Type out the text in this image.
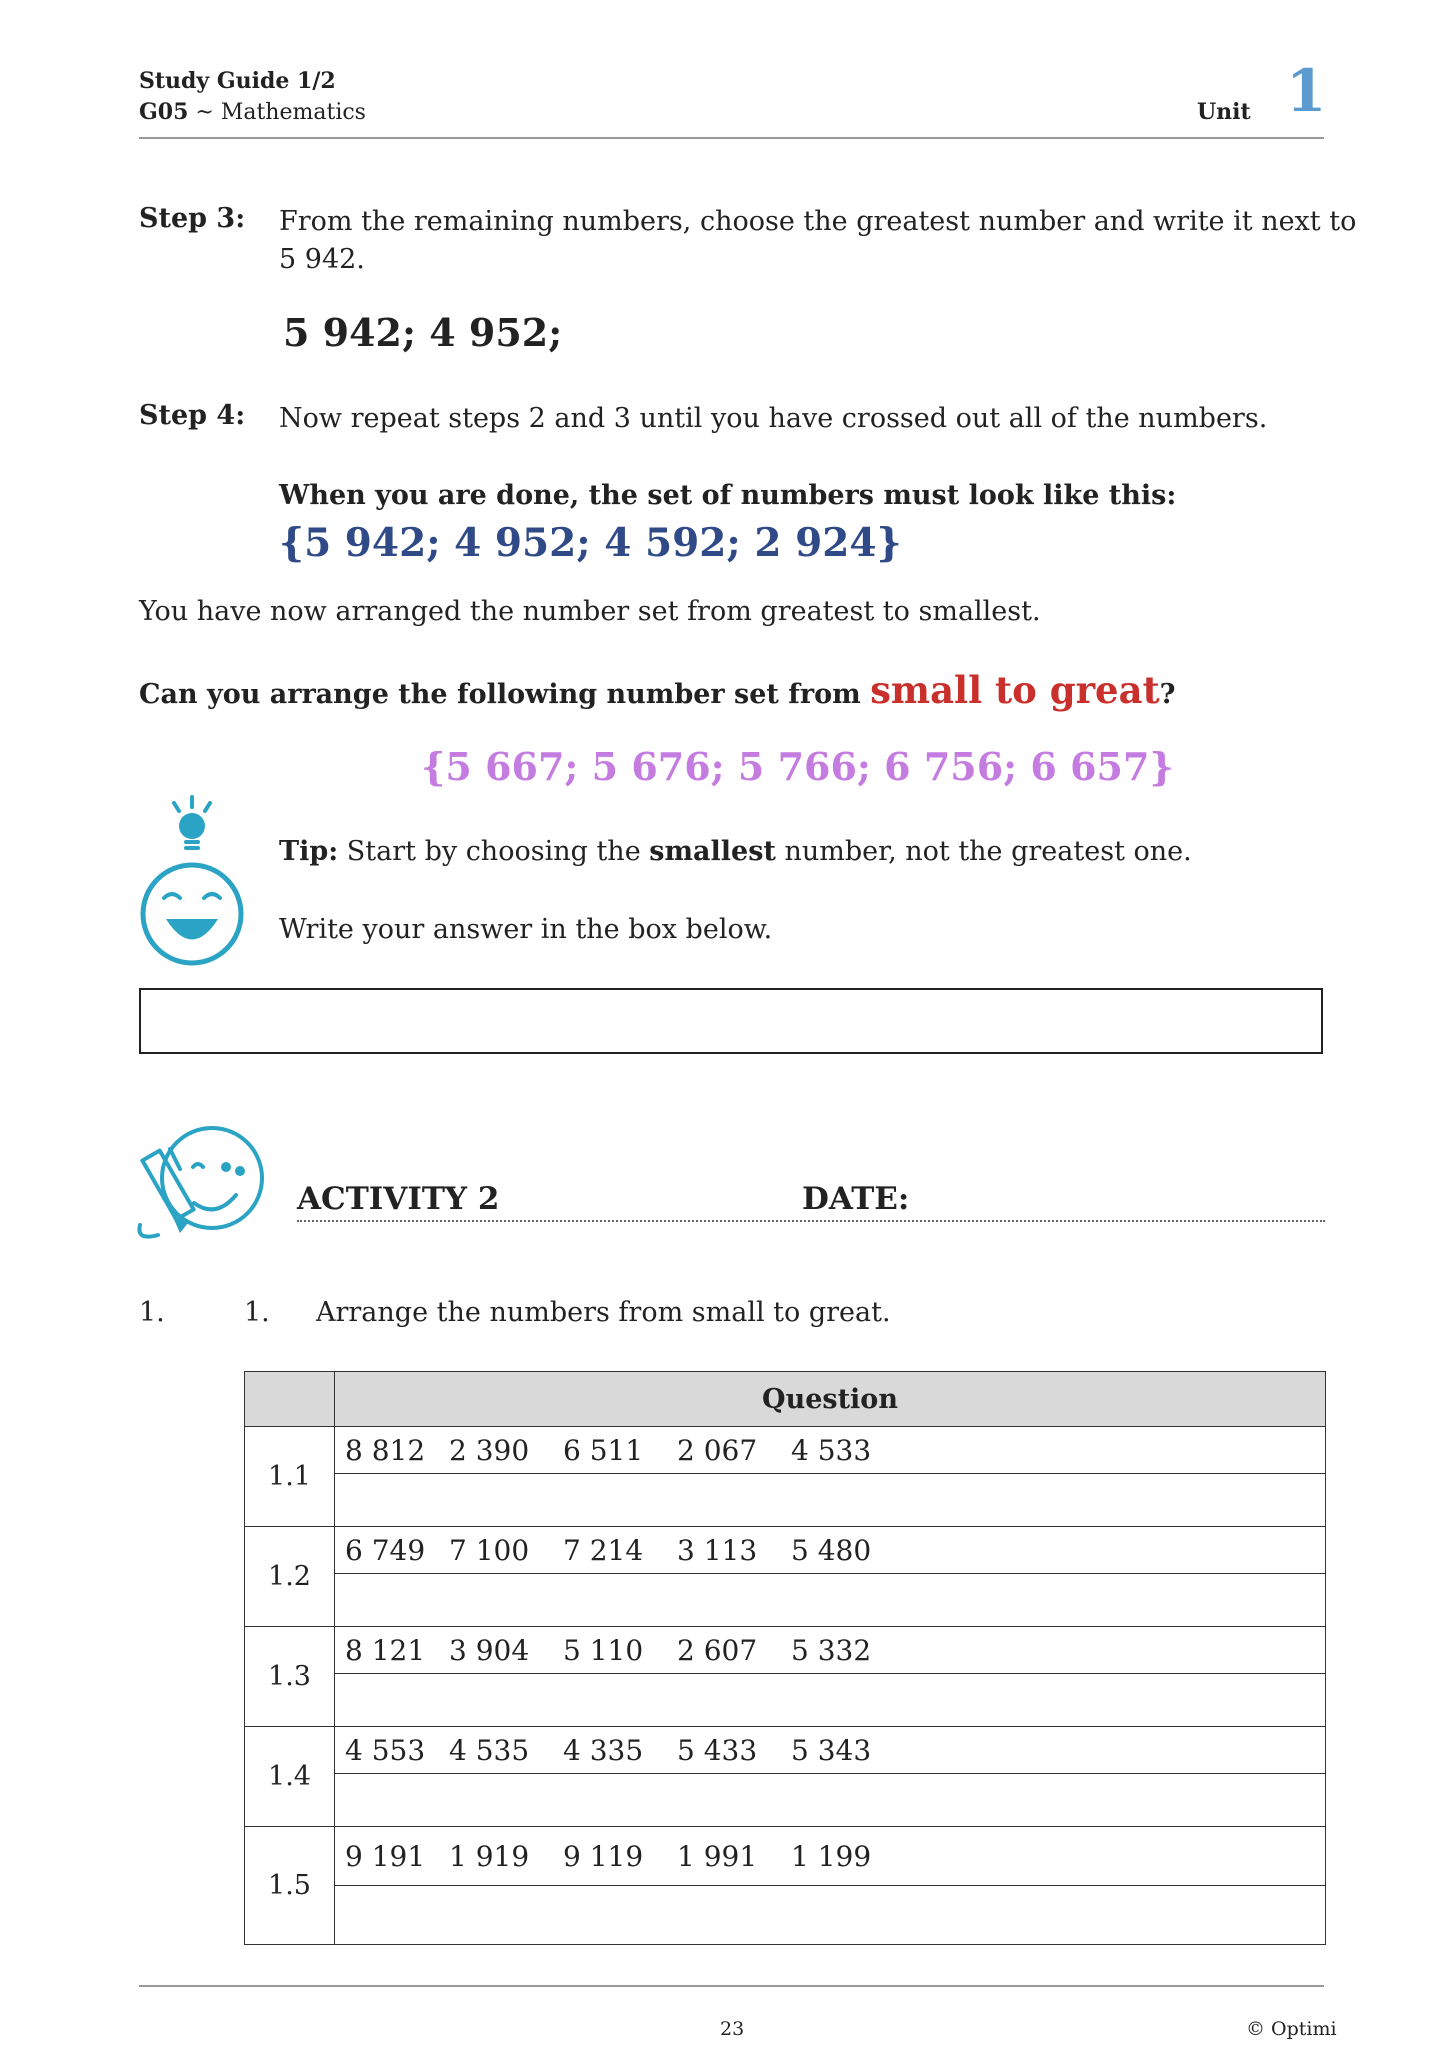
Study Guide 1/2
G05 ~ Mathematics	Unit 1
Step 3: From the remaining numbers, choose the greatest number and write it next to
5 942.
5 942; 4 952;
Step 4: Now repeat steps 2 and 3 until you have crossed out all of the numbers.
When you are done, the set of numbers must look like this:
{5 942; 4 952; 4 592; 2 924}
You have now arranged the number set from greatest to smallest.
Can you arrange the following number set from small to great?
{5 667; 5 676; 5 766; 6 756; 6 657}
Tip: Start by choosing the smallest number, not the greatest one.
Write your answer in the box below.
ACTIVITY 2	DATE:
1.	1. Arrange the numbers from small to great.
	Question
1.1	8 812 2 390 6 511 2 067 4 533

1.2	6 749 7 100 7 214 3 113 5 480

1.3	8 121 3 904 5 110 2 607 5 332

1.4	4 553 4 535 4 335 5 433 5 343

1.5	9 191 1 919 9 119 1 991 1 199

23	© Optimi
